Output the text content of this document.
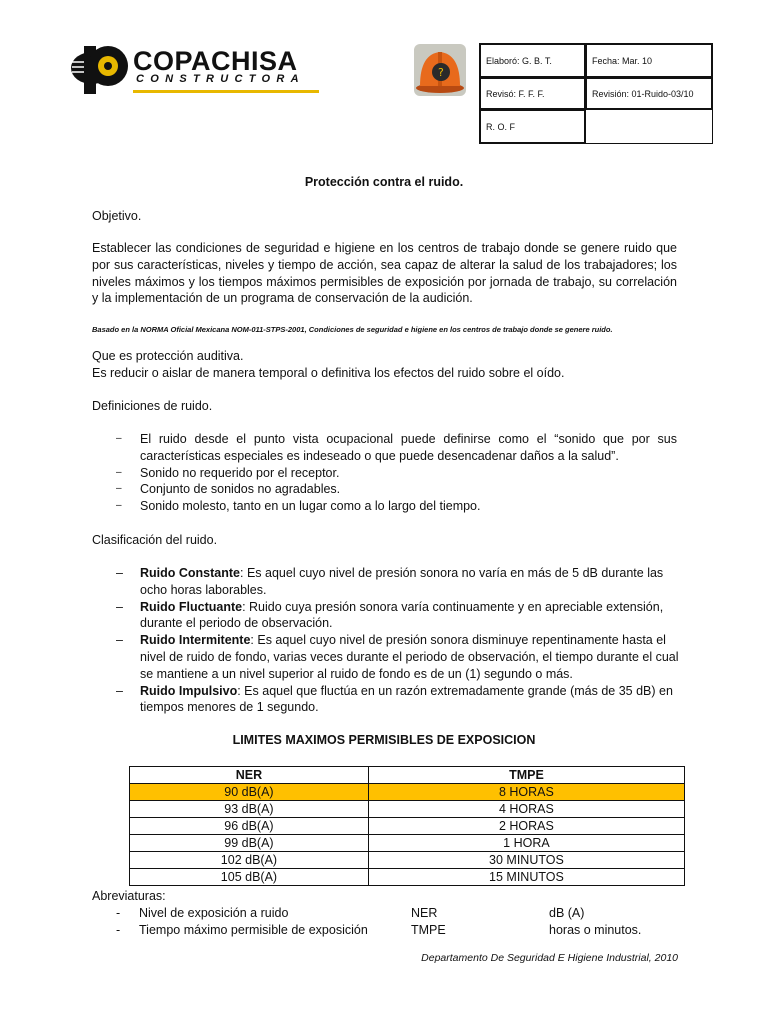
COPACHISA
CONSTRUCTORA	?
Elaboró: G. B. T.	Fecha: Mar. 10
Revisó: F. F. F.	Revisión: 01-Ruido-03/10
R. O. F
Protección contra el ruido.
Objetivo.
Establecer las condiciones de seguridad e higiene en los centros de trabajo donde se genere ruido que por sus características, niveles y tiempo de acción, sea capaz de alterar la salud de los trabajadores; los niveles máximos y los tiempos máximos permisibles de exposición por jornada de trabajo, su correlación y la implementación de un programa de conservación de la audición.
Basado en la NORMA Oficial Mexicana NOM-011-STPS-2001, Condiciones de seguridad e higiene en los centros de trabajo donde se genere ruido.
Que es protección auditiva.
Es reducir o aislar de manera temporal o definitiva los efectos del ruido sobre el oído.
Definiciones de ruido.
– El ruido desde el punto vista ocupacional puede definirse como el “sonido que por sus características especiales es indeseado o que puede desencadenar daños a la salud”.
– Sonido no requerido por el receptor.
– Conjunto de sonidos no agradables.
– Sonido molesto, tanto en un lugar como a lo largo del tiempo.
Clasificación del ruido.
– Ruido Constante: Es aquel cuyo nivel de presión sonora no varía en más de 5 dB durante las ocho horas laborables.
– Ruido Fluctuante: Ruido cuya presión sonora varía continuamente y en apreciable extensión, durante el periodo de observación.
– Ruido Intermitente: Es aquel cuyo nivel de presión sonora disminuye repentinamente hasta el nivel de ruido de fondo, varias veces durante el periodo de observación, el tiempo durante el cual se mantiene a un nivel superior al ruido de fondo es de un (1) segundo o más.
– Ruido Impulsivo: Es aquel que fluctúa en un razón extremadamente grande (más de 35 dB) en tiempos menores de 1 segundo.
LIMITES MAXIMOS PERMISIBLES DE EXPOSICION
NER	TMPE
90 dB(A)	8 HORAS
93 dB(A)	4 HORAS
96 dB(A)	2 HORAS
99 dB(A)	1 HORA
102 dB(A)	30 MINUTOS
105 dB(A)	15 MINUTOS
Abreviaturas:
- Nivel de exposición a ruido	NER	dB (A)
- Tiempo máximo permisible de exposición	TMPE	horas o minutos.
Departamento De Seguridad E Higiene Industrial, 2010
